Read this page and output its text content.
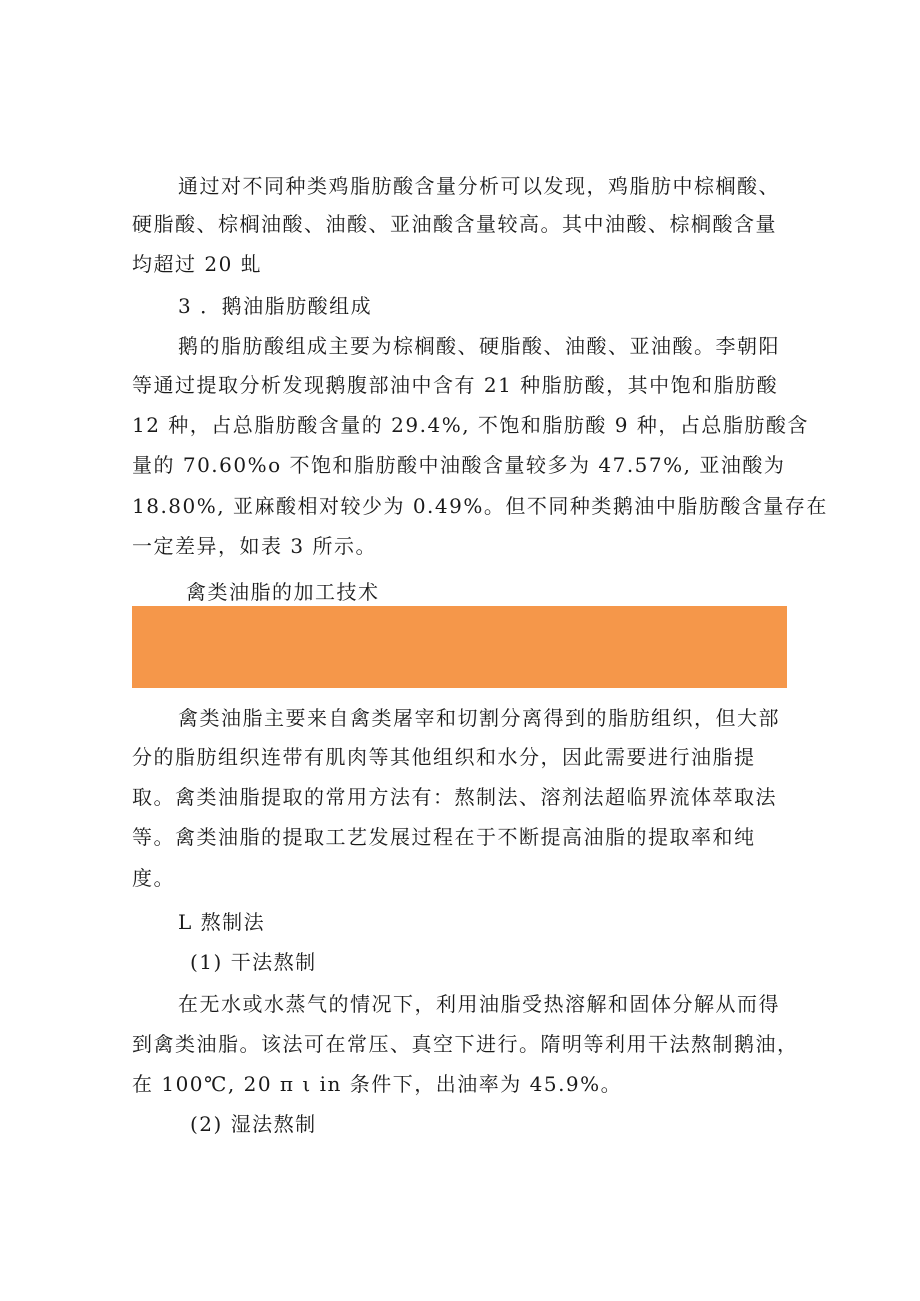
通过对不同种类鸡脂肪酸含量分析可以发现，鸡脂肪中棕榈酸、
硬脂酸、棕榈油酸、油酸、亚油酸含量较高。其中油酸、棕榈酸含量
均超过 20 虬
3 ．鹅油脂肪酸组成
鹅的脂肪酸组成主要为棕榈酸、硬脂酸、油酸、亚油酸。李朝阳
等通过提取分析发现鹅腹部油中含有 21 种脂肪酸，其中饱和脂肪酸
12 种，占总脂肪酸含量的 29.4%, 不饱和脂肪酸 9 种，占总脂肪酸含
量的 70.60%o 不饱和脂肪酸中油酸含量较多为 47.57%, 亚油酸为
18.80%, 亚麻酸相对较少为 0.49%。但不同种类鹅油中脂肪酸含量存在
一定差异，如表 3 所示。
禽类油脂的加工技术
禽类油脂主要来自禽类屠宰和切割分离得到的脂肪组织，但大部
分的脂肪组织连带有肌肉等其他组织和水分，因此需要进行油脂提
取。禽类油脂提取的常用方法有：熬制法、溶剂法超临界流体萃取法
等。禽类油脂的提取工艺发展过程在于不断提高油脂的提取率和纯
度。
L 熬制法
(1) 干法熬制
在无水或水蒸气的情况下，利用油脂受热溶解和固体分解从而得
到禽类油脂。该法可在常压、真空下进行。隋明等利用干法熬制鹅油，
在 100℃, 20 π ι in 条件下，出油率为 45.9%。
(2) 湿法熬制
